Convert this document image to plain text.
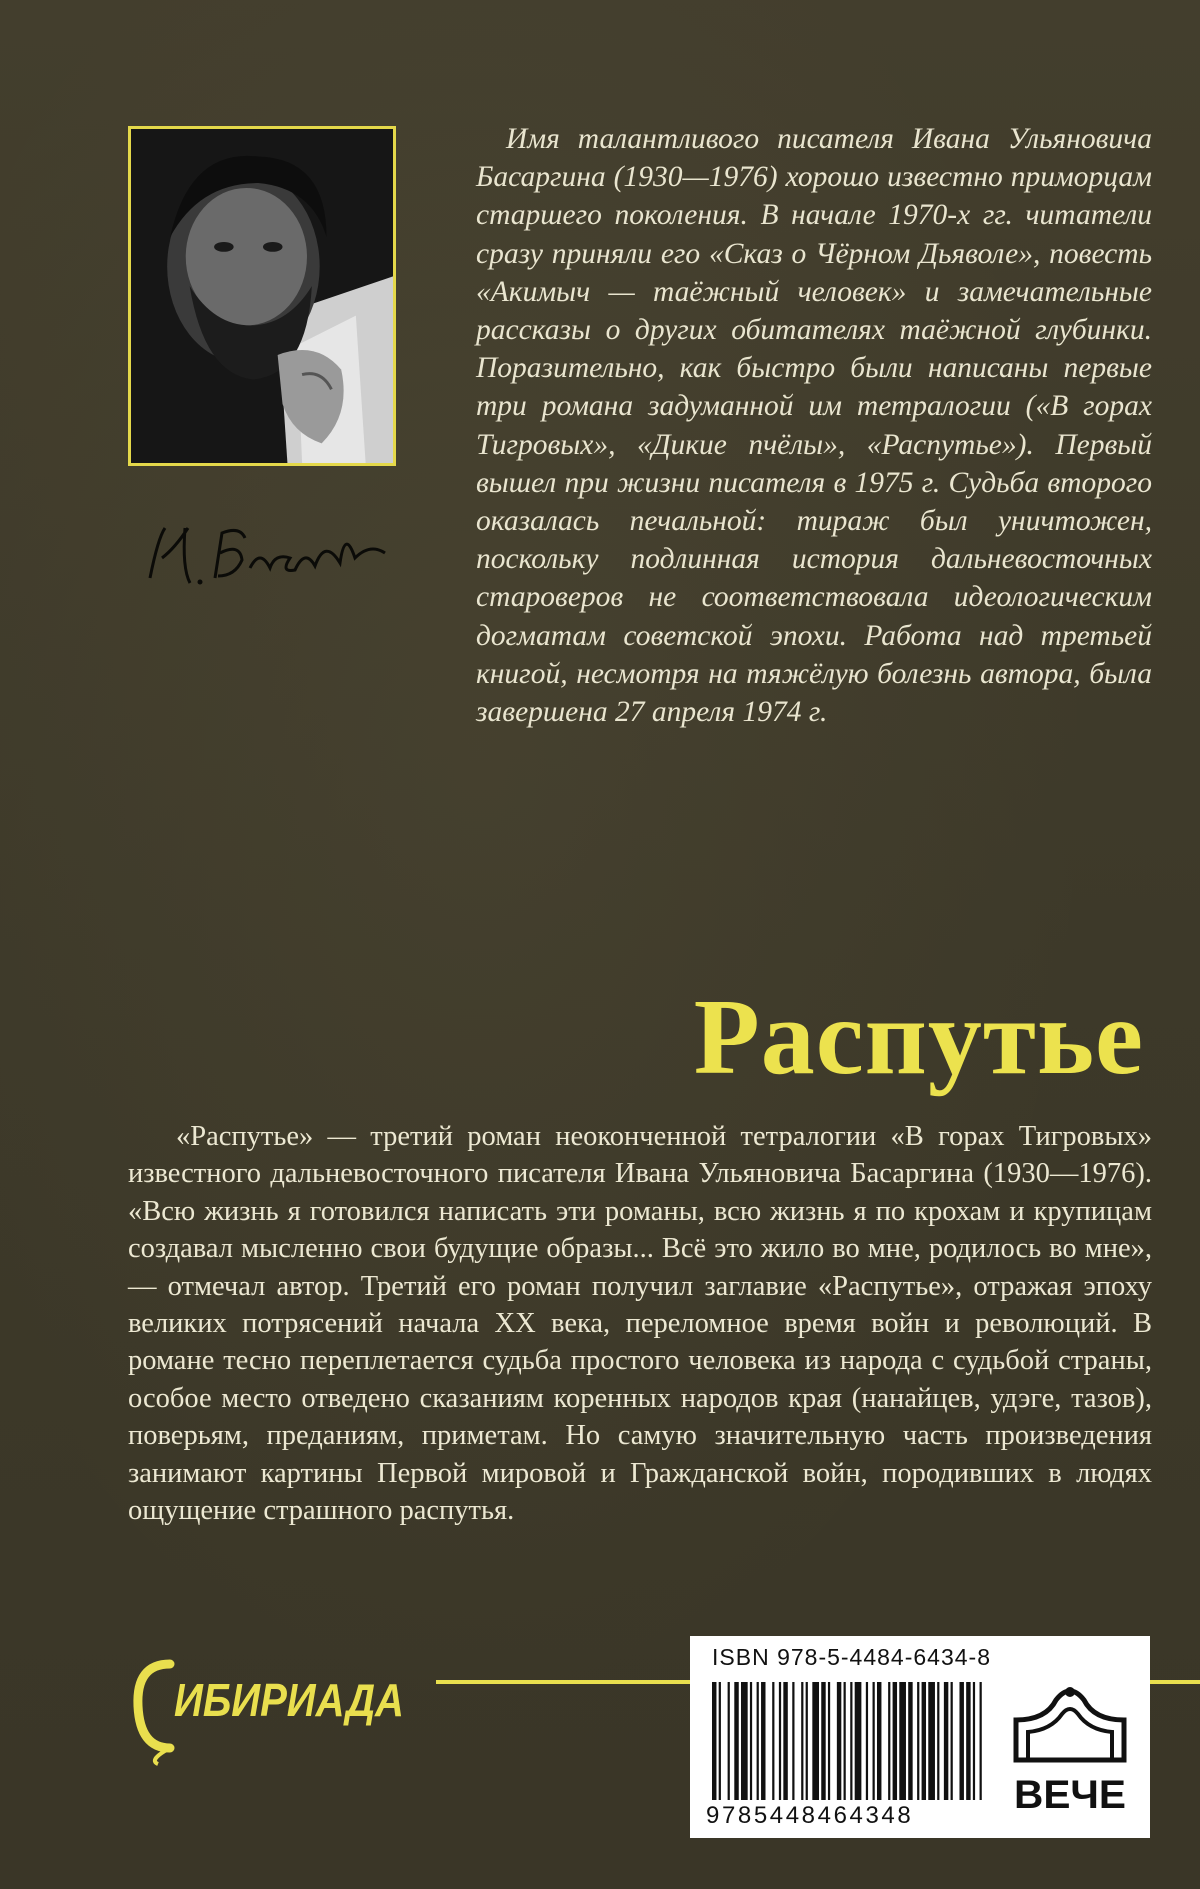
Имя талантливого писателя Ивана Ульяновича Басаргина (1930—1976) хорошо известно приморцам старшего поколения. В начале 1970-х гг. читатели сразу приняли его «Сказ о Чёрном Дьяволе», повесть «Акимыч — таёжный человек» и замечательные рассказы о других обитателях таёжной глубинки. Поразительно, как быстро были написаны первые три романа задуманной им тетралогии («В горах Тигровых», «Дикие пчёлы», «Распутье»). Первый вышел при жизни писателя в 1975 г. Судьба второго оказалась печальной: тираж был уничтожен, поскольку подлинная история дальневосточных староверов не соответствовала идеологическим догматам советской эпохи. Работа над третьей книгой, несмотря на тяжёлую болезнь автора, была завершена 27 апреля 1974 г.

Распутье

«Распутье» — третий роман неоконченной тетралогии «В горах Тигровых» известного дальневосточного писателя Ивана Ульяновича Басаргина (1930—1976). «Всю жизнь я готовился написать эти романы, всю жизнь я по крохам и крупицам создавал мысленно свои будущие образы... Всё это жило во мне, родилось во мне», — отмечал автор. Третий его роман получил заглавие «Распутье», отражая эпоху великих потрясений начала XX века, переломное время войн и революций. В романе тесно переплетается судьба простого человека из народа с судьбой страны, особое место отведено сказаниям коренных народов края (нанайцев, удэге, тазов), поверьям, преданиям, приметам. Но самую значительную часть произведения занимают картины Первой мировой и Гражданской войн, породивших в людях ощущение страшного распутья.

ИБИРИАДА
ISBN 978-5-4484-6434-8
9785448464348	ВЕЧЕ
